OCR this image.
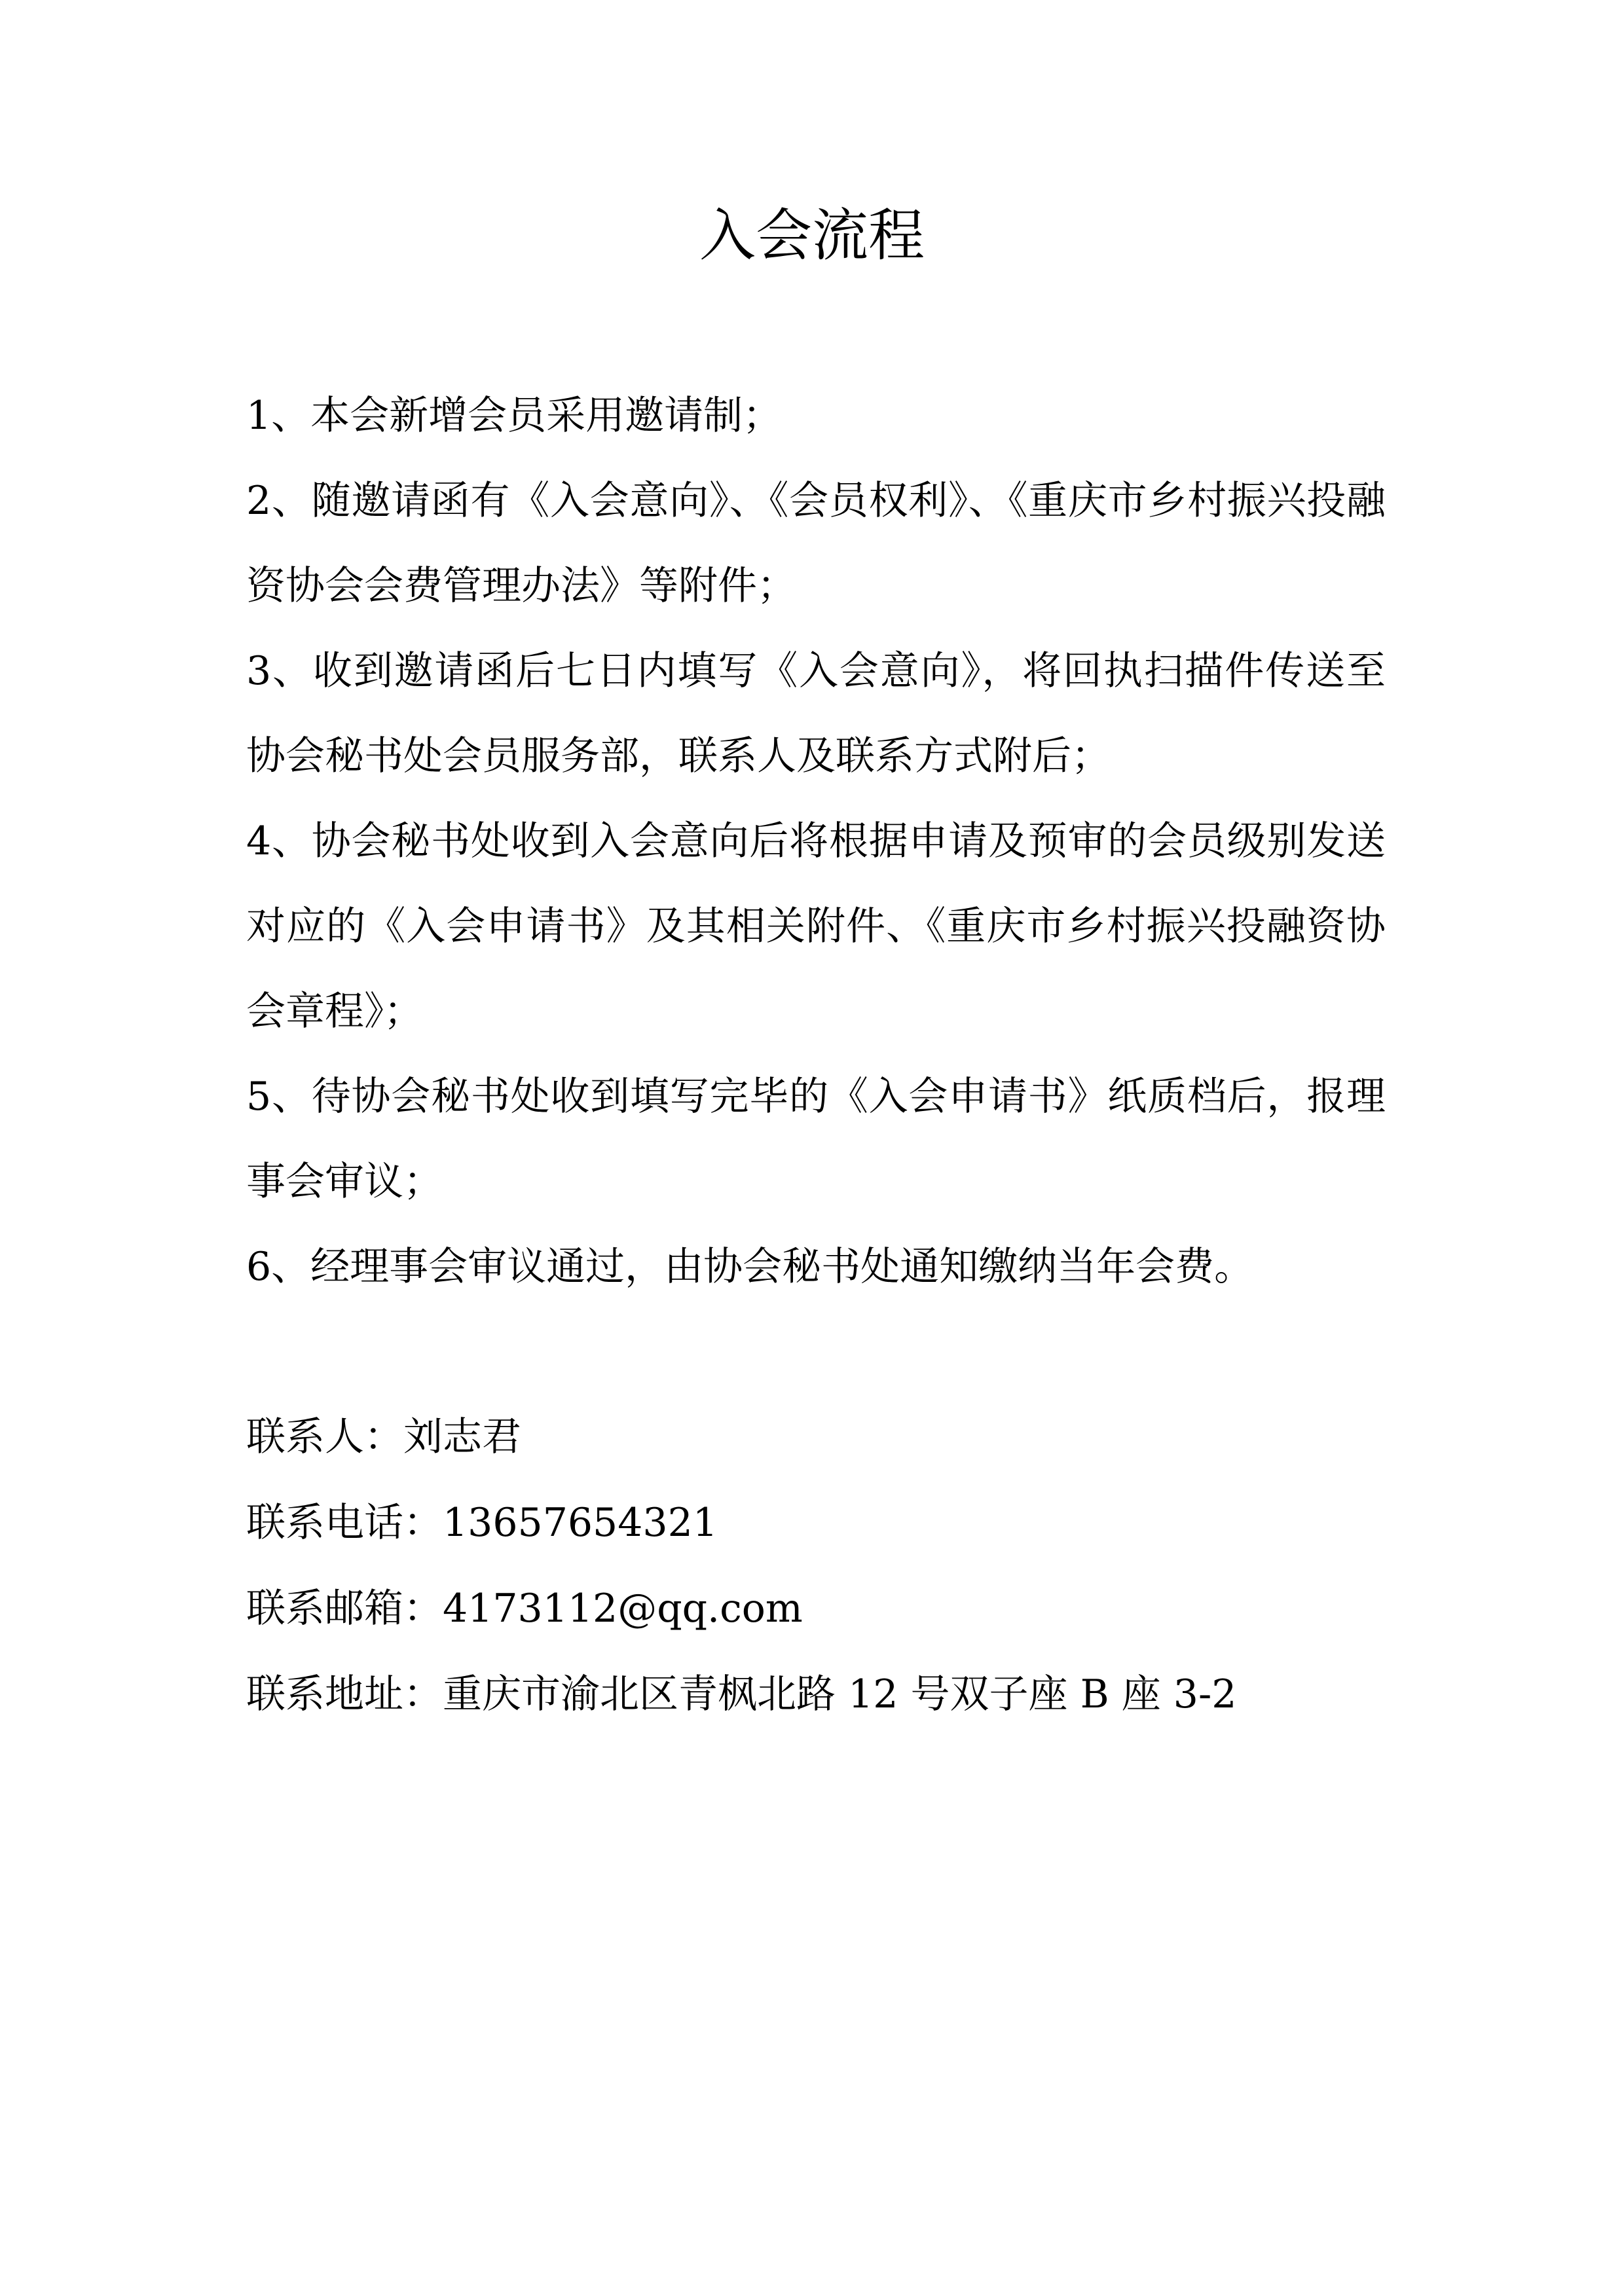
入会流程
1、本会新增会员采用邀请制；
2、随邀请函有《入会意向》、《会员权利》、《重庆市乡村振兴投融资协会会费管理办法》等附件；
3、收到邀请函后七日内填写《入会意向》，将回执扫描件传送至协会秘书处会员服务部，联系人及联系方式附后；
4、协会秘书处收到入会意向后将根据申请及预审的会员级别发送对应的《入会申请书》及其相关附件、《重庆市乡村振兴投融资协会章程》；
5、待协会秘书处收到填写完毕的《入会申请书》纸质档后，报理事会审议；
6、经理事会审议通过，由协会秘书处通知缴纳当年会费。
联系人：刘志君
联系电话：13657654321
联系邮箱：4173112@qq.com
联系地址：重庆市渝北区青枫北路 12 号双子座 B 座 3-2
